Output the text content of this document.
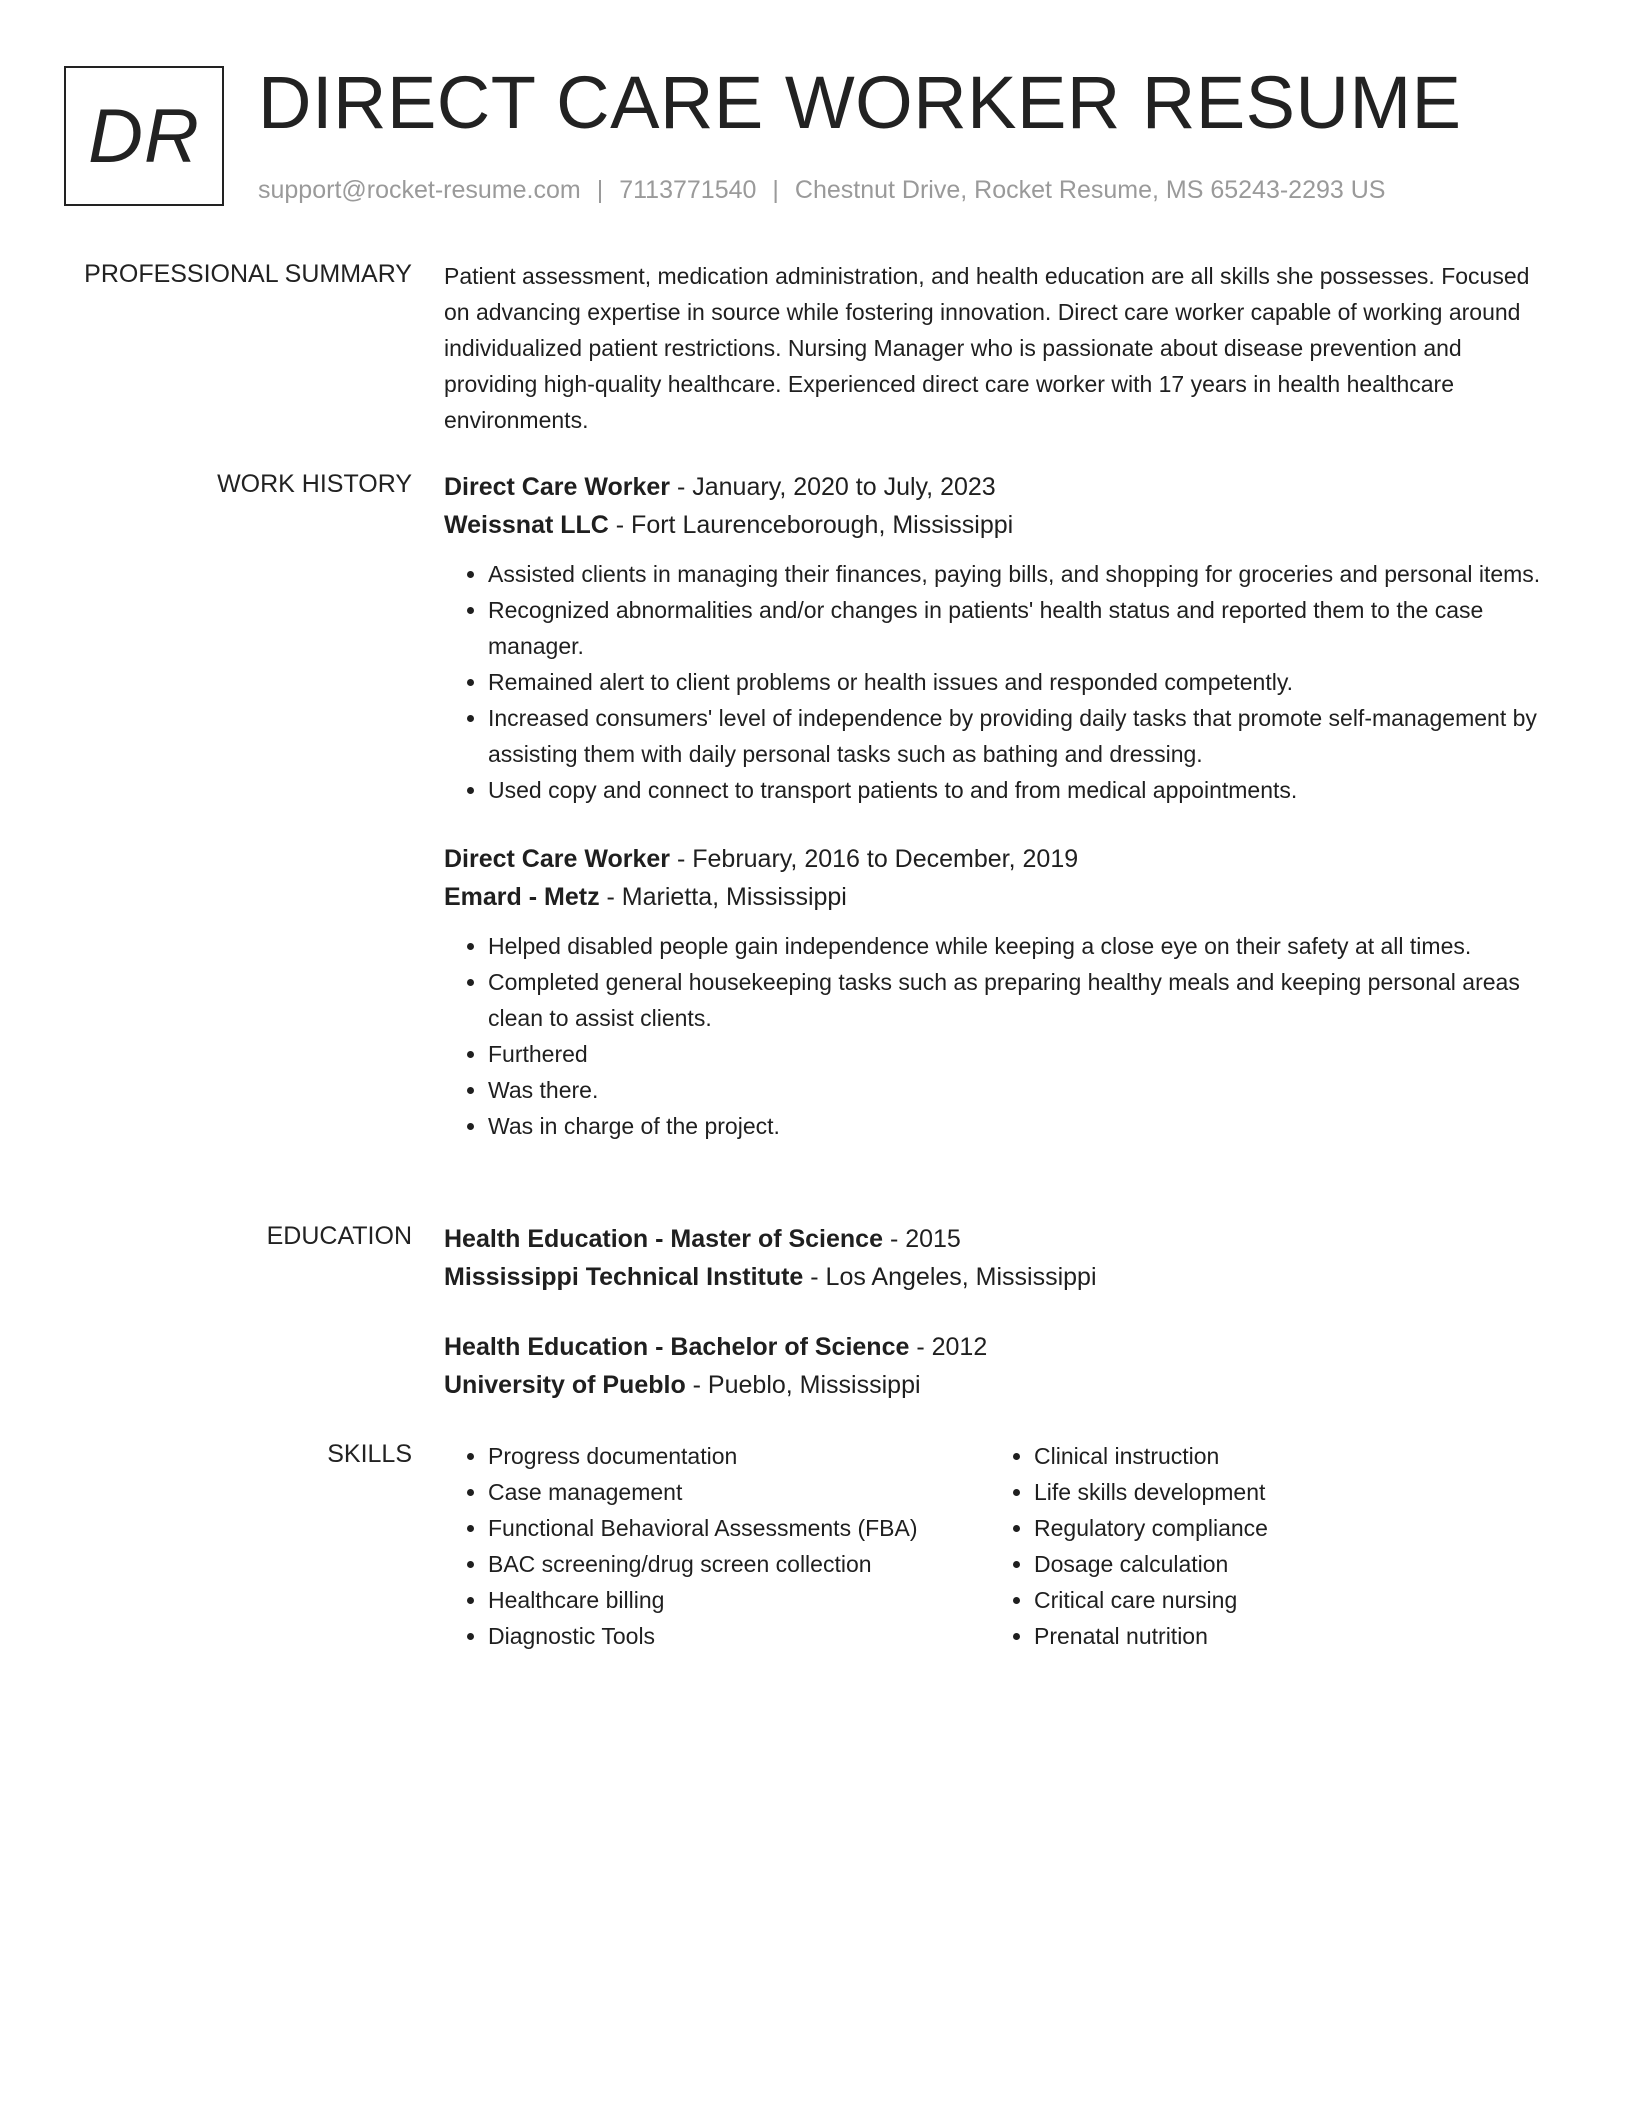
DR DIRECT CARE WORKER RESUME
support@rocket-resume.com | 7113771540 | Chestnut Drive, Rocket Resume, MS 65243-2293 US
PROFESSIONAL SUMMARY Patient assessment, medication administration, and health education are all skills she possesses. Focused on advancing expertise in source while fostering innovation. Direct care worker capable of working around individualized patient restrictions. Nursing Manager who is passionate about disease prevention and providing high-quality healthcare. Experienced direct care worker with 17 years in health healthcare environments.

WORK HISTORY Direct Care Worker - January, 2020 to July, 2023

Weissnat LLC - Fort Laurenceborough, Mississippi

• Assisted clients in managing their finances, paying bills, and shopping for groceries and personal items.
• Recognized abnormalities and/or changes in patients' health status and reported them to the case manager.
• Remained alert to client problems or health issues and responded competently.
• Increased consumers' level of independence by providing daily tasks that promote self-management by assisting them with daily personal tasks such as bathing and dressing.
• Used copy and connect to transport patients to and from medical appointments.

Direct Care Worker - February, 2016 to December, 2019

Emard - Metz - Marietta, Mississippi

• Helped disabled people gain independence while keeping a close eye on their safety at all times.
• Completed general housekeeping tasks such as preparing healthy meals and keeping personal areas clean to assist clients.
• Furthered
• Was there.
• Was in charge of the project.
EDUCATION Health Education - Master of Science - 2015

Mississippi Technical Institute - Los Angeles, Mississippi

Health Education - Bachelor of Science - 2012

University of Pueblo - Pueblo, Mississippi

SKILLS
•	Progress documentation
• Case management
• Functional Behavioral Assessments (FBA)
• BAC screening/drug screen collection
• Healthcare billing
• Diagnostic Tools
• Clinical instruction
• Life skills development
• Regulatory compliance
• Dosage calculation
• Critical care nursing
• Prenatal nutrition
